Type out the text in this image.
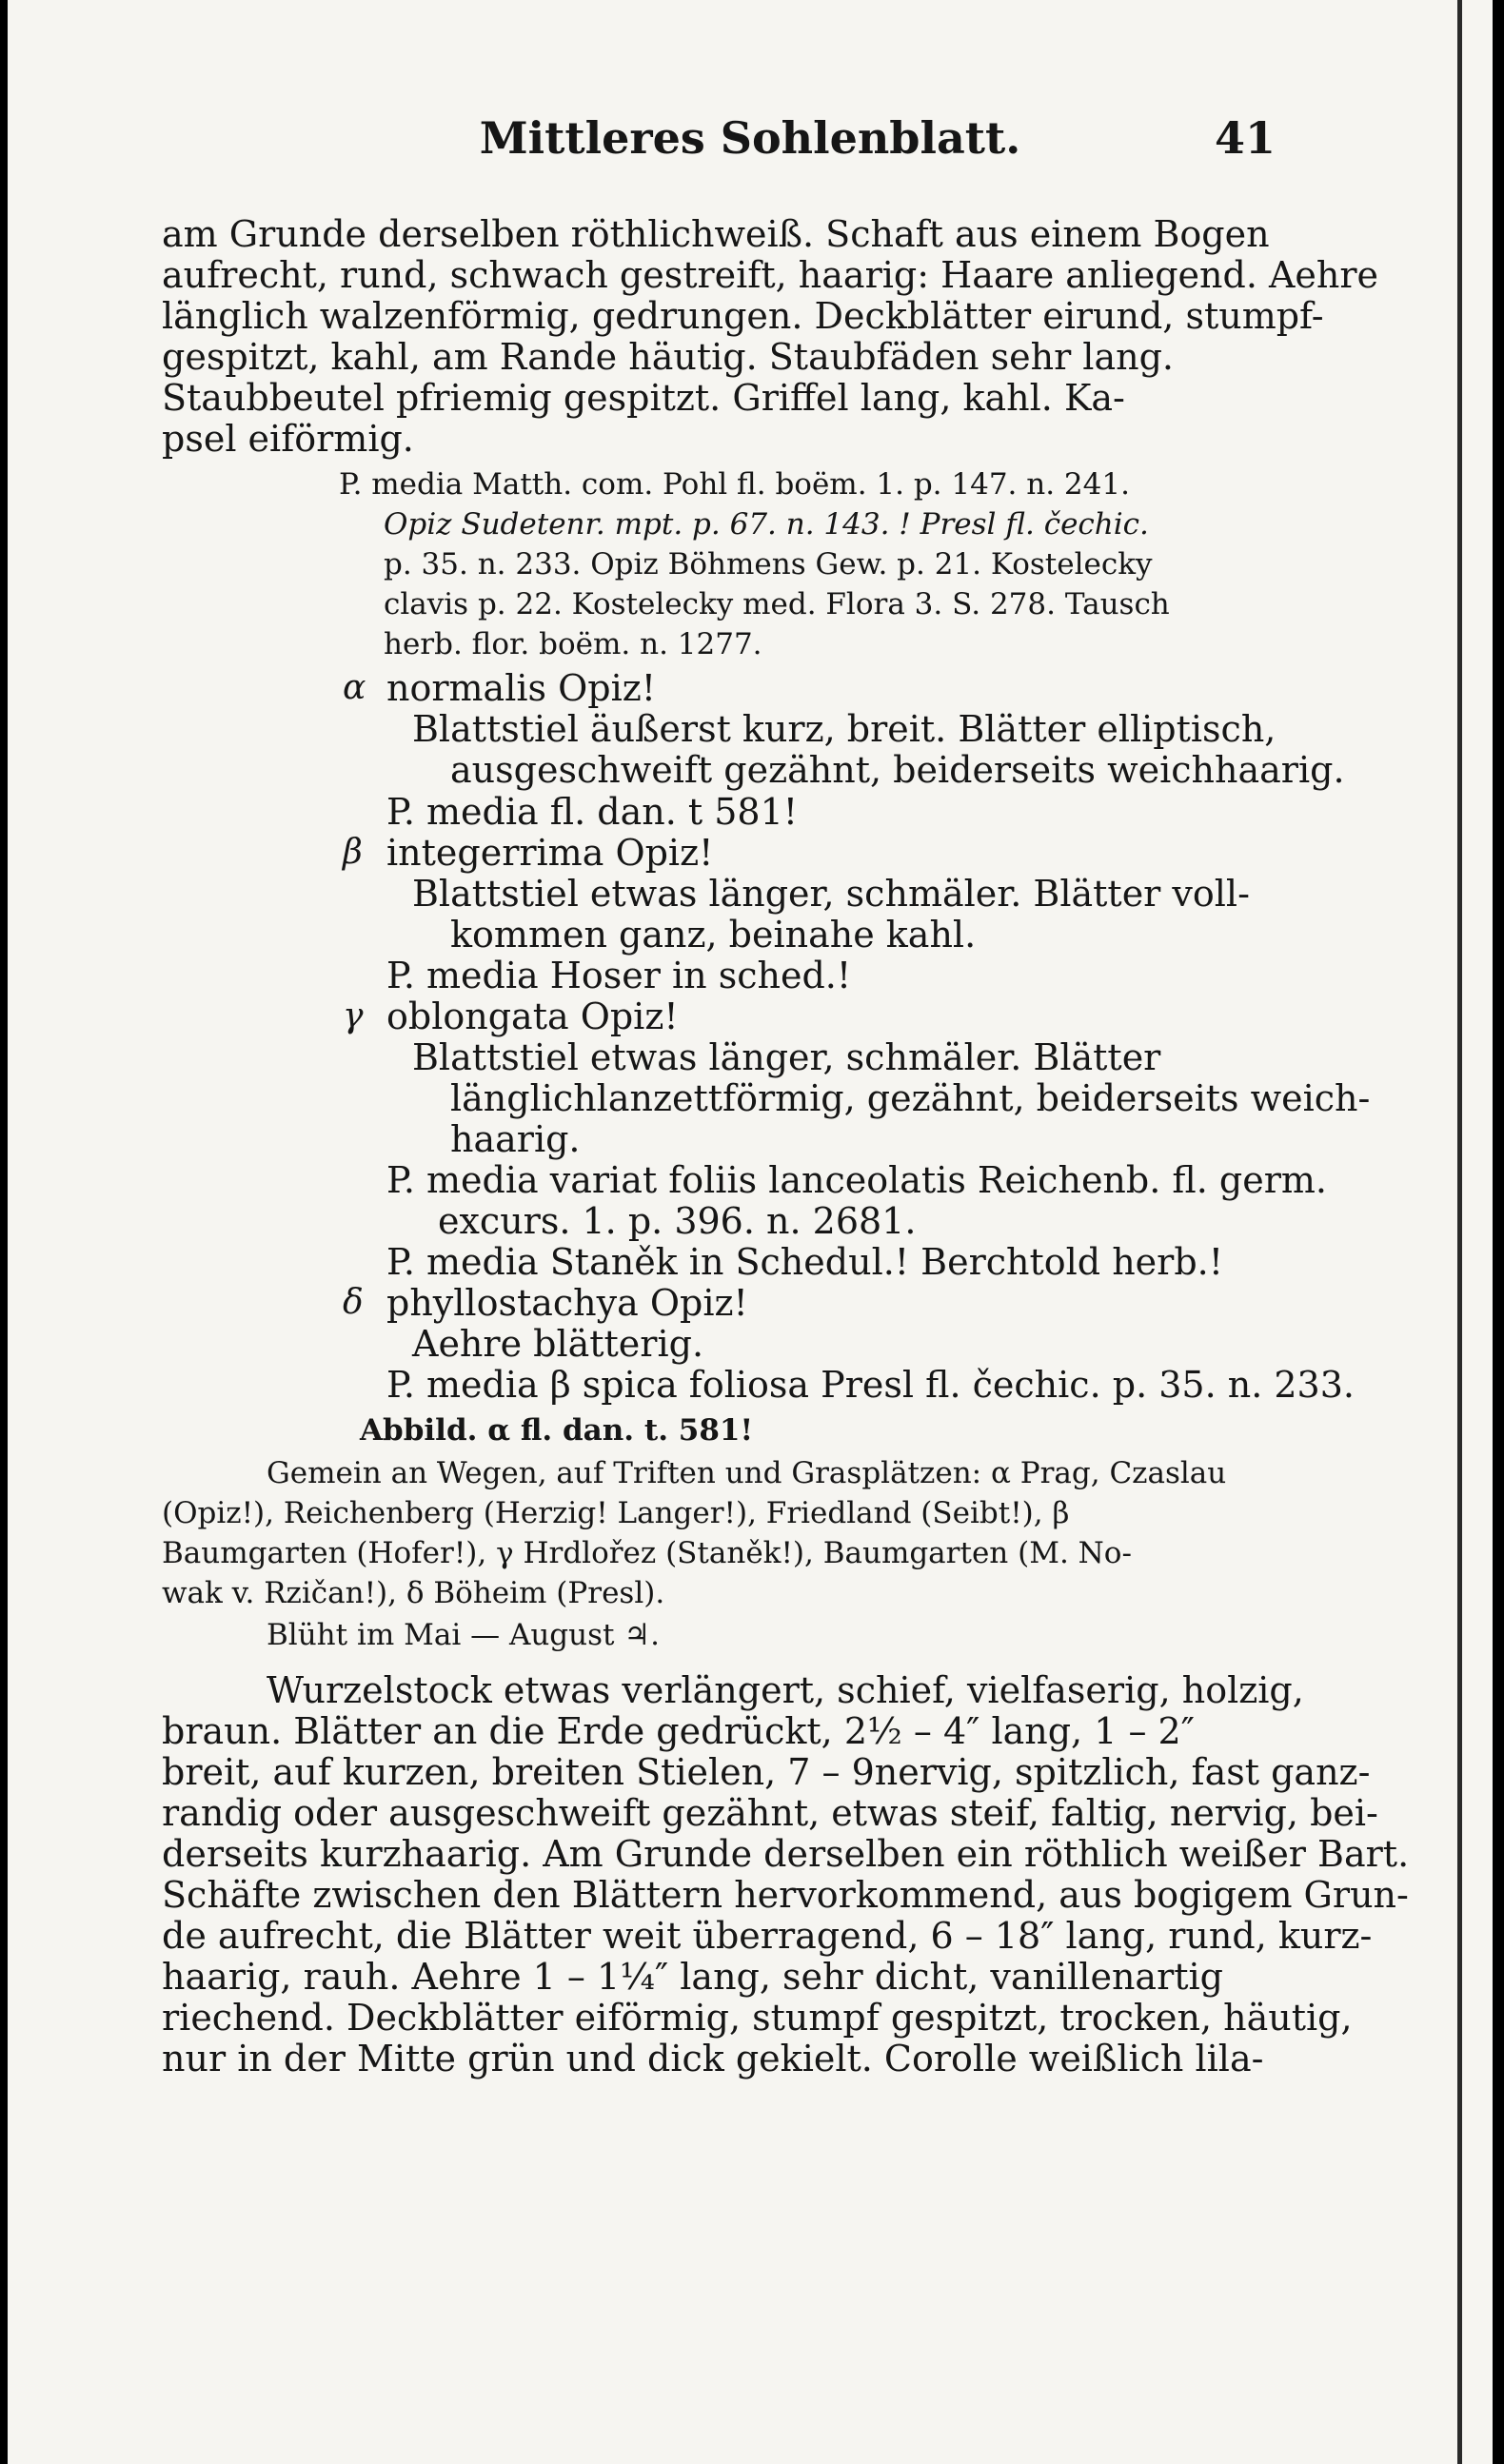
Mittleres Sohlenblatt.	41
am Grunde derselben röthlichweiß. Schaft aus einem Bogen
aufrecht, rund, schwach gestreift, haarig: Haare anliegend. Aehre
länglich walzenförmig, gedrungen. Deckblätter eirund, stumpf-
gespitzt, kahl, am Rande häutig. Staubfäden sehr lang.
Staubbeutel pfriemig gespitzt. Griffel lang, kahl. Ka-
psel eiförmig.
P. media Matth. com. Pohl fl. boëm. 1. p. 147. n. 241.
Opiz Sudetenr. mpt. p. 67. n. 143. ! Presl fl. čechic.
p. 35. n. 233. Opiz Böhmens Gew. p. 21. Kostelecky
clavis p. 22. Kostelecky med. Flora 3. S. 278. Tausch
herb. flor. boëm. n. 1277.
α normalis Opiz!
Blattstiel äußerst kurz, breit. Blätter elliptisch,
ausgeschweift gezähnt, beiderseits weichhaarig.
P. media fl. dan. t 581!
β integerrima Opiz!
Blattstiel etwas länger, schmäler. Blätter voll-
kommen ganz, beinahe kahl.
P. media Hoser in sched.!
γ oblongata Opiz!
Blattstiel etwas länger, schmäler. Blätter
länglichlanzettförmig, gezähnt, beiderseits weich-
haarig.
P. media variat foliis lanceolatis Reichenb. fl. germ.
excurs. 1. p. 396. n. 2681.
P. media Staněk in Schedul.! Berchtold herb.!
δ phyllostachya Opiz!
Aehre blätterig.
P. media β spica foliosa Presl fl. čechic. p. 35. n. 233.
Abbild. α fl. dan. t. 581!
Gemein an Wegen, auf Triften und Grasplätzen: α Prag, Czaslau
(Opiz!), Reichenberg (Herzig! Langer!), Friedland (Seibt!), β
Baumgarten (Hofer!), γ Hrdlořez (Staněk!), Baumgarten (M. No-
wak v. Rzičan!), δ Böheim (Presl).
Blüht im Mai — August ♃.
Wurzelstock etwas verlängert, schief, vielfaserig, holzig,
braun. Blätter an die Erde gedrückt, 2½ – 4″ lang, 1 – 2″
breit, auf kurzen, breiten Stielen, 7 – 9nervig, spitzlich, fast ganz-
randig oder ausgeschweift gezähnt, etwas steif, faltig, nervig, bei-
derseits kurzhaarig. Am Grunde derselben ein röthlich weißer Bart.
Schäfte zwischen den Blättern hervorkommend, aus bogigem Grun-
de aufrecht, die Blätter weit überragend, 6 – 18″ lang, rund, kurz-
haarig, rauh. Aehre 1 – 1¼″ lang, sehr dicht, vanillenartig
riechend. Deckblätter eiförmig, stumpf gespitzt, trocken, häutig,
nur in der Mitte grün und dick gekielt. Corolle weißlich lila-
